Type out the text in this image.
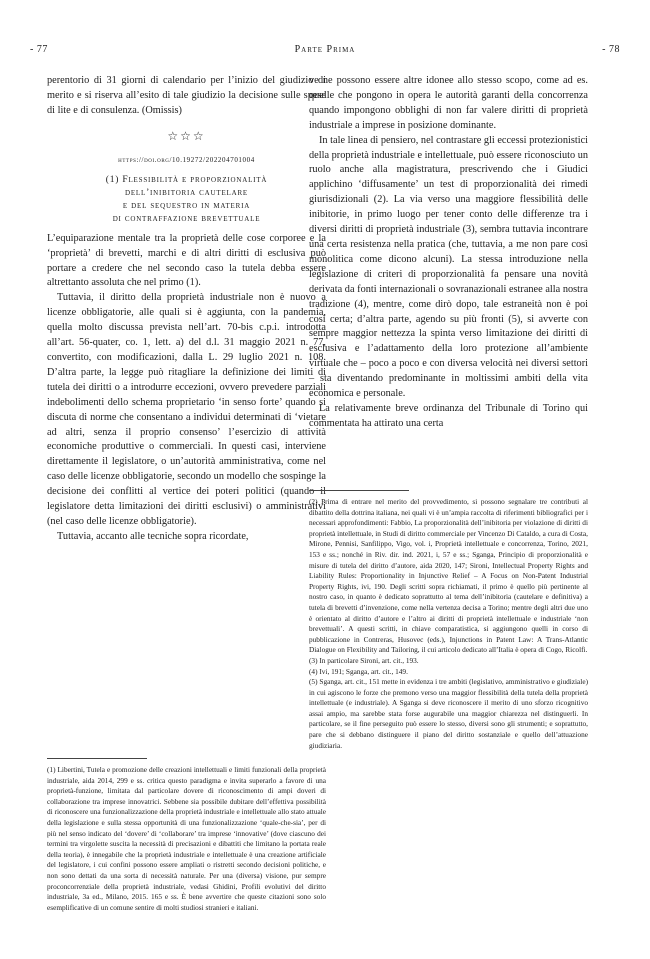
- 77	Parte Prima	- 78

perentorio di 31 giorni di calendario per l’inizio del giudizio di merito e si riserva all’esito di tale giudizio la decisione sulle spese di lite e di consulenza. (Omissis)

☆☆☆
https://doi.org/10.19272/202204701004
(1) Flessibilità e proporzionalità
dell’inibitoria cautelare
e del sequestro in materia
di contraffazione brevettuale

L’equiparazione mentale tra la proprietà delle cose corporee e la ‘proprietà’ di brevetti, marchi e di altri diritti di esclusiva può portare a credere che nel secondo caso la tutela debba essere altrettanto assoluta che nel primo (1).

Tuttavia, il diritto della proprietà industriale non è nuovo a licenze obbligatorie, alle quali si è aggiunta, con la pandemia, quella molto discussa prevista nell’art. 70-bis c.p.i. introdotta all’art. 56-quater, co. 1, lett. a) del d.l. 31 maggio 2021 n. 77, convertito, con modificazioni, dalla L. 29 luglio 2021 n. 108. D’altra parte, la legge può ritagliare la definizione dei limiti di tutela dei diritti o a introdurre eccezioni, ovvero prevedere parziali indebolimenti dello schema proprietario ‘in senso forte’ quando si discuta di norme che consentano a individui determinati di ‘vietare ad altri, senza il proprio consenso’ l’esercizio di attività economiche produttive o commerciali. In questi casi, interviene direttamente il legislatore, o un’autorità amministrativa, come nel caso delle licenze obbligatorie, secondo un modello che sospinge la decisione dei conflitti al vertice dei poteri politici (quando il legislatore detta limitazioni dei diritti esclusivi) o amministrativi (nel caso delle licenze obbligatorie).

Tuttavia, accanto alle tecniche sopra ricordate,

(1) Libertini, Tutela e promozione delle creazioni intellettuali e limiti funzionali della proprietà industriale, aida 2014, 299 e ss. critica questo paradigma e invita superarlo a favore di una proprietà-funzione, limitata dal particolare dovere di riconoscimento di ampi doveri di collaborazione tra imprese innovatrici. Sebbene sia possibile dubitare dell’effettiva possibilità di riconoscere una funzionalizzazione della proprietà industriale e intellettuale allo stato attuale della legislazione e sulla stessa opportunità di una funzionalizzazione ‘quale-che-sia’, per di più nel senso indicato del ‘dovere’ di ‘collaborare’ tra imprese ‘innovative’ (dove ciascuno dei termini tra virgolette suscita la necessità di precisazioni e dibattiti che limitano la portata reale della teoria), è innegabile che la proprietà industriale e intellettuale è una creazione artificiale del legislatore, i cui confini possono essere ampliati o ristretti secondo decisioni politiche, e non sono dettati da una sorta di necessità naturale. Per una (diversa) visione, pur sempre proconcorrenziale della proprietà industriale, vedasi Ghidini, Profili evolutivi del diritto industriale, 3a ed., Milano, 2015. 165 e ss. È bene avvertire che queste citazioni sono solo esemplificative di un comune sentire di molti studiosi stranieri e italiani.

ve ne possono essere altre idonee allo stesso scopo, come ad es. quelle che pongono in opera le autorità garanti della concorrenza quando impongono obblighi di non far valere diritti di proprietà industriale a imprese in posizione dominante.

In tale linea di pensiero, nel contrastare gli eccessi protezionistici della proprietà industriale e intellettuale, può essere riconosciuto un ruolo anche alla magistratura, prescrivendo che i Giudici applichino ‘diffusamente’ un test di proporzionalità dei rimedi giurisdizionali (2). La via verso una maggiore flessibilità delle inibitorie, in primo luogo per tener conto delle differenze tra i diversi diritti di proprietà industriale (3), sembra tuttavia incontrare una certa resistenza nella pratica (che, tuttavia, a me non pare così monolitica come dicono alcuni). La stessa introduzione nella legislazione di criteri di proporzionalità fa pensare una novità derivata da fonti internazionali o sovranazionali estranee alla nostra tradizione (4), mentre, come dirò dopo, tale estraneità non è poi così certa; d’altra parte, agendo su più fronti (5), si avverte con sempre maggior nettezza la spinta verso limitazione dei diritti di esclusiva e l’adattamento della loro protezione all’ambiente virtuale che – poco a poco e con diversa velocità nei diversi settori – sta diventando predominante in moltissimi ambiti della vita economica e personale.

La relativamente breve ordinanza del Tribunale di Torino qui commentata ha attirato una certa

(2) Prima di entrare nel merito del provvedimento, si possono segnalare tre contributi al dibattito della dottrina italiana, nei quali vi è un’ampia raccolta di riferimenti bibliografici per i necessari approfondimenti: Fabbio, La proporzionalità dell’inibitoria per violazione di diritti di proprietà intellettuale, in Studi di diritto commerciale per Vincenzo Di Cataldo, a cura di Costa, Mirone, Pennisi, Sanfilippo, Vigo, vol. i, Proprietà intellettuale e concorrenza, Torino, 2021, 153 e ss.; nonché in Riv. dir. ind. 2021, i, 57 e ss.; Sganga, Principio di proporzionalità e misure di tutela del diritto d’autore, aida 2020, 147; Sironi, Intellectual Property Rights and Liability Rules: Proportionality in Injunctive Relief – A Focus on Non-Patent Industrial Property Rights, ivi, 190. Degli scritti sopra richiamati, il primo è quello più pertinente al nostro caso, in quanto è dedicato soprattutto al tema dell’inibitoria (cautelare e definitiva) a tutela di brevetti d’invenzione, come nella vertenza decisa a Torino; mentre degli altri due uno è orientato al diritto d’autore e l’altro ai diritti di proprietà intellettuale e industriale ‘non brevettuali’. A questi scritti, in chiave comparatistica, si aggiungono quelli in corso di pubblicazione in Contreras, Husovec (eds.), Injunctions in Patent Law: A Trans-Atlantic Dialogue on Flexibility and Tailoring, il cui articolo dedicato all’Italia è opera di Cogo, Ricolfi.

(3) In particolare Sironi, art. cit., 193.

(4) Ivi, 191; Sganga, art. cit., 149.

(5) Sganga, art. cit., 151 mette in evidenza i tre ambiti (legislativo, amministrativo e giudiziale) in cui agiscono le forze che premono verso una maggior flessibilità della tutela della proprietà intellettuale (e industriale). A Sganga si deve riconoscere il merito di uno sforzo ricognitivo assai ampio, ma sarebbe stata forse augurabile una maggior chiarezza nel distinguerli. In particolare, se il fine perseguito può essere lo stesso, diversi sono gli strumenti; e soprattutto, pare che si debbano distinguere il piano del diritto sostanziale e quello dell’attuazione giudiziaria.
